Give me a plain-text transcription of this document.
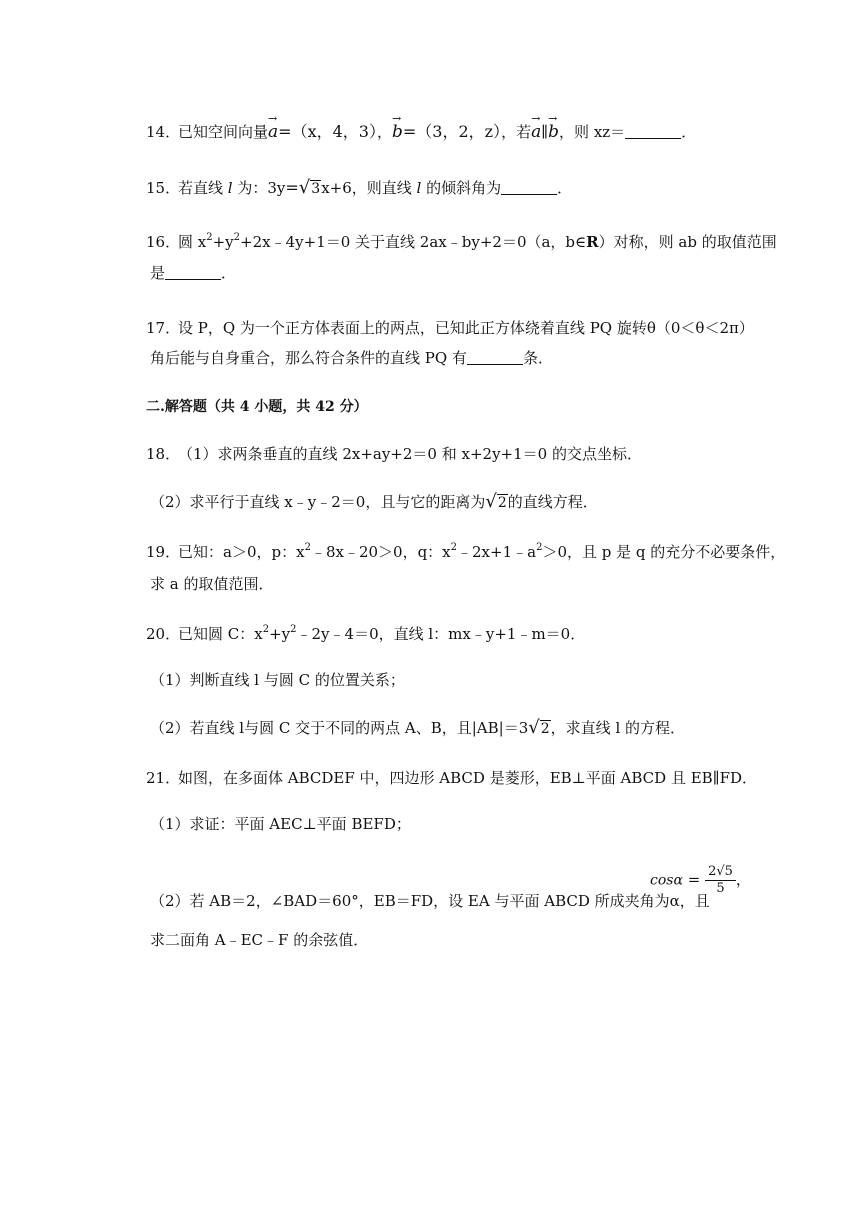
14．
已知空间向量→ a=（x，4，3），→ b=（3，2，z），若→ a∥→ b，则 xz＝	．
15．
若直线 l 为：3y=√3x+6，则直线 l 的倾斜角为	．
16．
圆 $x^2+y^2+2x﹣4y+1=0$ 关于直线 2ax﹣by+2＝0（a，b∈R）对称，则 ab 的取值范围
是	．
17．
设 P，Q 为一个正方体表面上的两点，已知此正方体绕着直线 PQ 旋转θ（0＜θ＜2π）
角后能与自身重合，那么符合条件的直线 PQ 有	条．
二.解答题（共 4 小题，共 42 分）
18．
（1）求两条垂直的直线 2x+ay+2＝0 和 x+2y+1＝0 的交点坐标．
（2）求平行于直线 x﹣y﹣2＝0，且与它的距离为√2的直线方程．
19．
已知：a＞0，p：$x^2﹣8x﹣20>0$，q：$x^2﹣2x+1﹣a^2>0$，且 p 是 q 的充分不必要条件，
求 a 的取值范围．
20．
已知圆 C：$x^2+y^2﹣2y﹣4=0$，直线 l：mx﹣y+1﹣m＝0．
（1）判断直线 l 与圆 C 的位置关系；
（2）若直线 l与圆 C 交于不同的两点 A、B，且|AB|＝3√2，求直线 l 的方程．
21．
如图，在多面体 ABCDEF 中，四边形 ABCD 是菱形，EB⊥平面 ABCD 且 EB∥FD．
（1）求证：平面 AEC⊥平面 BEFD；
（2）若 AB＝2，∠BAD＝60°，EB＝FD，设 EA 与平面 ABCD 所成夹角为α，且
$\cos\alpha = \frac{2√5}{5}$ ，
求二面角 A﹣EC﹣F 的余弦值．
